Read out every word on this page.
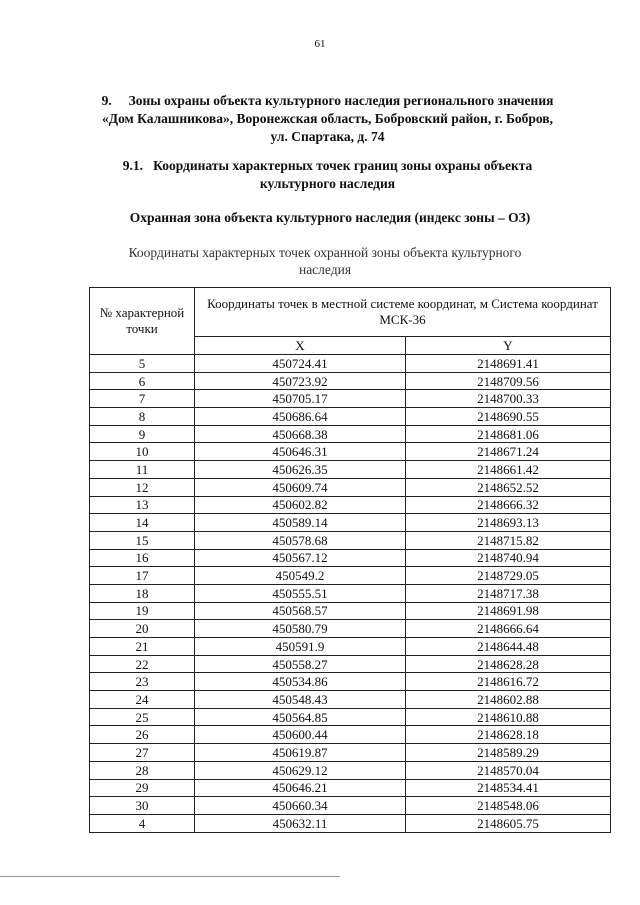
61
9.     Зоны охраны объекта культурного наследия регионального значения «Дом Калашникова», Воронежская область, Бобровский район, г. Бобров, ул. Спартака, д. 74
9.1.   Координаты характерных точек границ зоны охраны объекта культурного наследия
Охранная зона объекта культурного наследия (индекс зоны – ОЗ)
Координаты характерных точек охранной зоны объекта культурного наследия
№ характерной точки	Координаты точек в местной системе координат, м Система координат МСК-36	
	X	Y
5	450724.41	2148691.41
6	450723.92	2148709.56
7	450705.17	2148700.33
8	450686.64	2148690.55
9	450668.38	2148681.06
10	450646.31	2148671.24
11	450626.35	2148661.42
12	450609.74	2148652.52
13	450602.82	2148666.32
14	450589.14	2148693.13
15	450578.68	2148715.82
16	450567.12	2148740.94
17	450549.2	2148729.05
18	450555.51	2148717.38
19	450568.57	2148691.98
20	450580.79	2148666.64
21	450591.9	2148644.48
22	450558.27	2148628.28
23	450534.86	2148616.72
24	450548.43	2148602.88
25	450564.85	2148610.88
26	450600.44	2148628.18
27	450619.87	2148589.29
28	450629.12	2148570.04
29	450646.21	2148534.41
30	450660.34	2148548.06
4	450632.11	2148605.75
